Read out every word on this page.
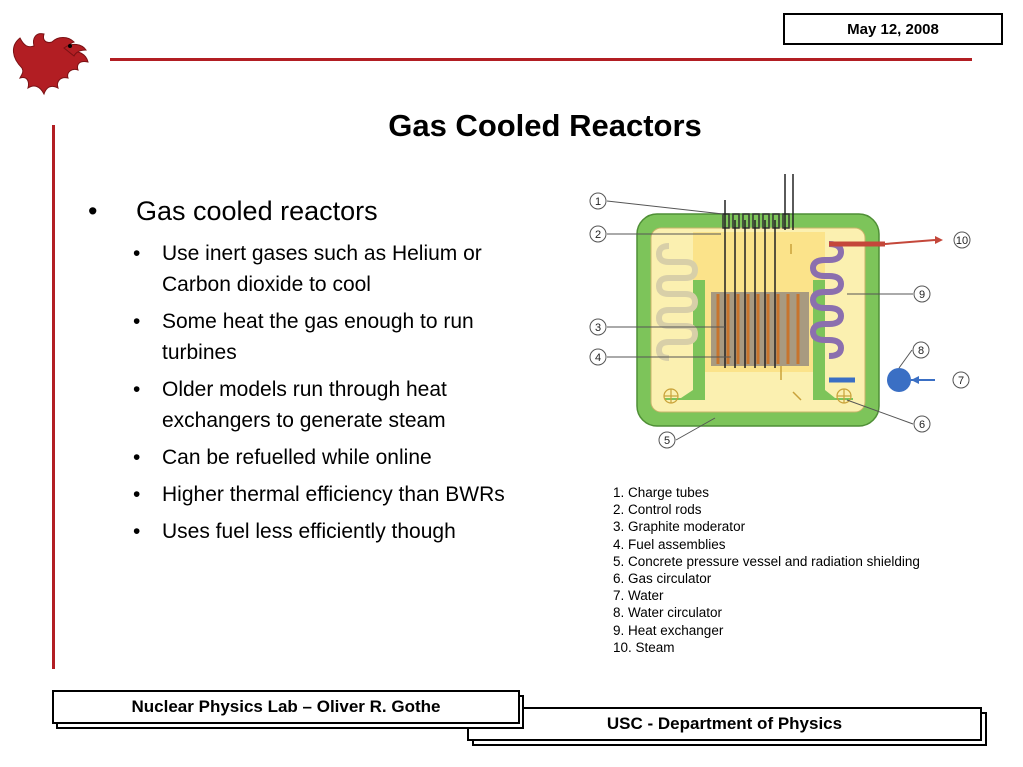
May 12, 2008
Gas Cooled Reactors
• Gas cooled reactors
• Use inert gases such as Helium or Carbon dioxide to cool
• Some heat the gas enough to run turbines
• Older models run through heat exchangers to generate steam
• Can be refuelled while online
• Higher thermal efficiency than BWRs
• Uses fuel less efficiently though
1
2
3
4
5
6
7
8
9
10
1. Charge tubes
2. Control rods
3. Graphite moderator
4. Fuel assemblies
5. Concrete pressure vessel and radiation shielding
6. Gas circulator
7. Water
8. Water circulator
9. Heat exchanger
10. Steam
USC - Department of Physics
Nuclear Physics Lab – Oliver R. Gothe
